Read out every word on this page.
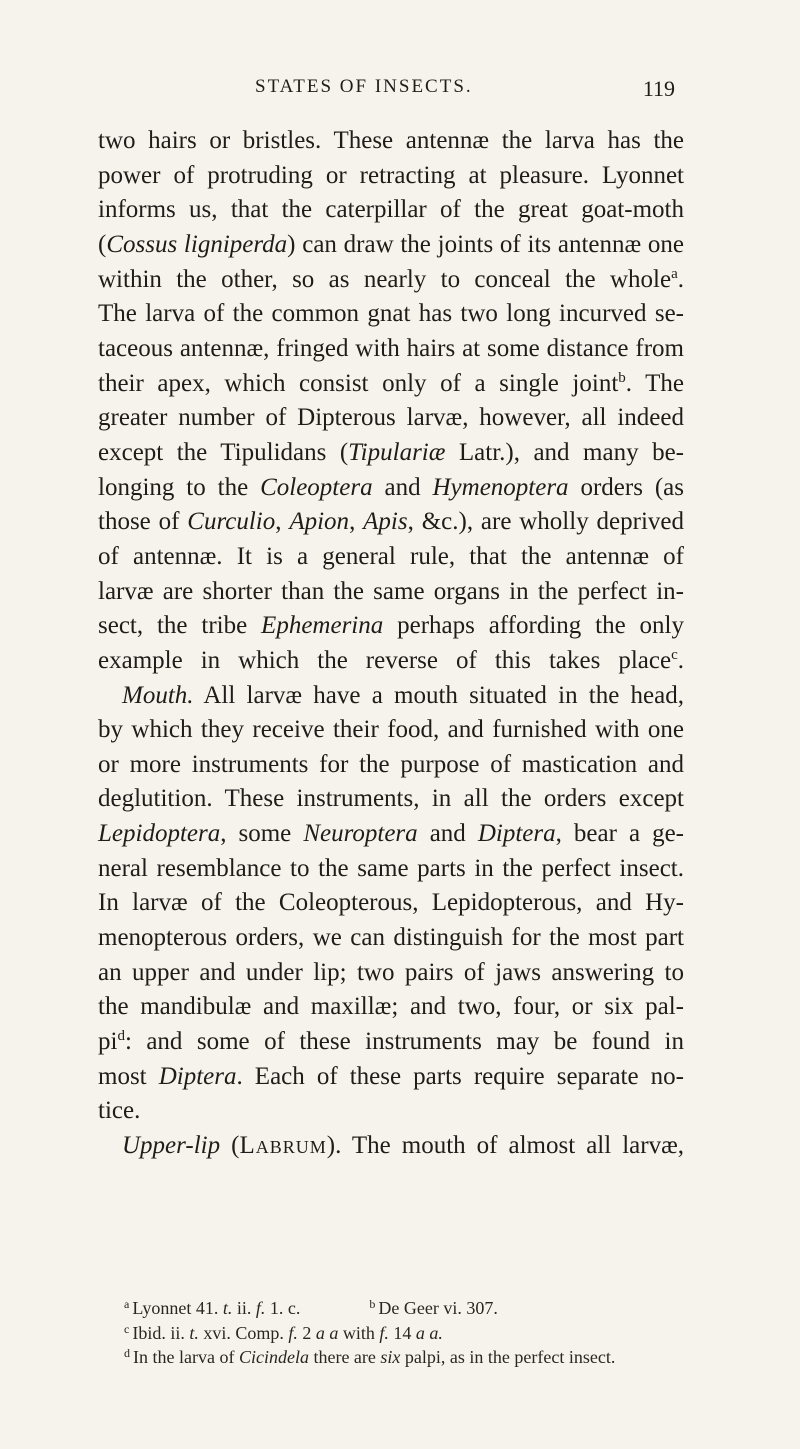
STATES OF INSECTS.	119
two hairs or bristles. These antennæ the larva has the
power of protruding or retracting at pleasure. Lyonnet
informs us, that the caterpillar of the great goat-moth
(Cossus ligniperda) can draw the joints of its antennæ one
within the other, so as nearly to conceal the whole$^a$.
The larva of the common gnat has two long incurved se-
taceous antennæ, fringed with hairs at some distance from
their apex, which consist only of a single joint$^b$. The
greater number of Dipterous larvæ, however, all indeed
except the Tipulidans (Tipulariæ Latr.), and many be-
longing to the Coleoptera and Hymenoptera orders (as
those of Curculio, Apion, Apis, &c.), are wholly deprived
of antennæ. It is a general rule, that the antennæ of
larvæ are shorter than the same organs in the perfect in-
sect, the tribe Ephemerina perhaps affording the only
example in which the reverse of this takes place$^c$.
Mouth. All larvæ have a mouth situated in the head,
by which they receive their food, and furnished with one
or more instruments for the purpose of mastication and
deglutition. These instruments, in all the orders except
Lepidoptera, some Neuroptera and Diptera, bear a ge-
neral resemblance to the same parts in the perfect insect.
In larvæ of the Coleopterous, Lepidopterous, and Hy-
menopterous orders, we can distinguish for the most part
an upper and under lip; two pairs of jaws answering to
the mandibulæ and maxillæ; and two, four, or six pal-
$pi^d$: and some of these instruments may be found in
most Diptera. Each of these parts require separate no-
tice.
Upper-lip (Labrum). The mouth of almost all larvæ,
$^a$ Lyonnet 41. t. ii. f. 1. c.	$^b$ De Geer vi. 307.
$^c$ Ibid. ii. t. xvi. Comp. f. 2 a a with f. 14 a a.
$^d$ In the larva of Cicindela there are six palpi, as in the perfect insect.
